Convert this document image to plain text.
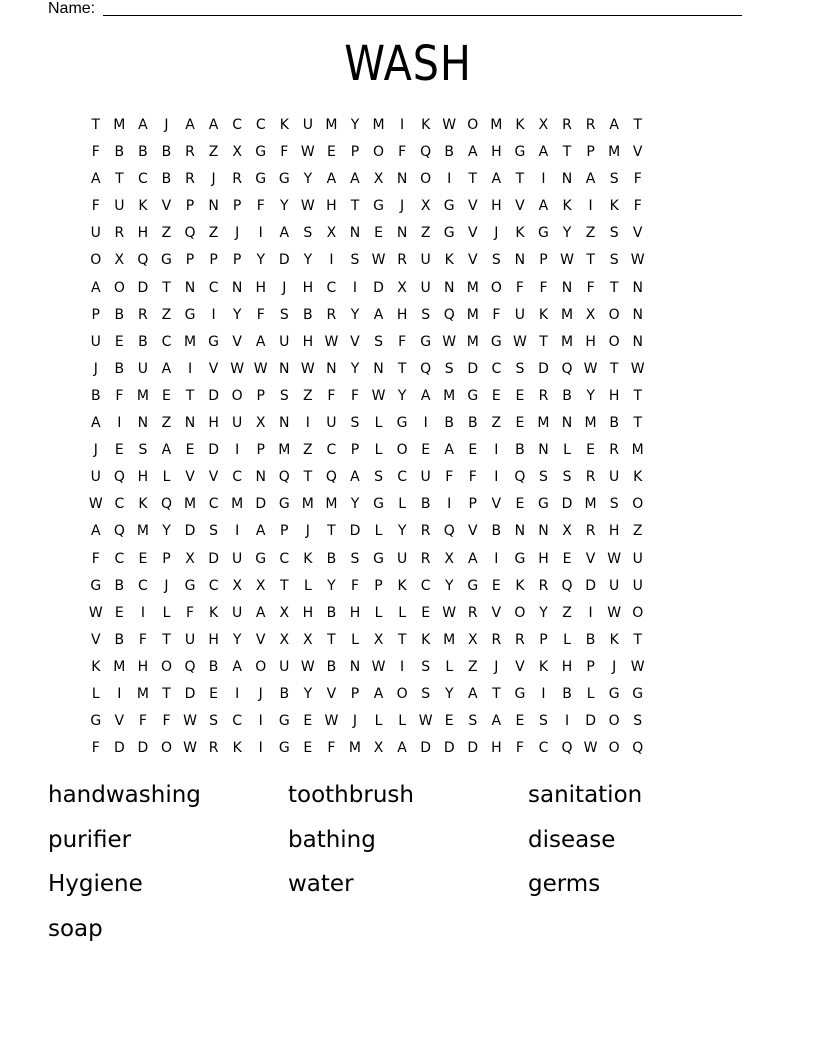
Name:
WASH
T M A	J	A A C C	K U M Y M	I	K W O M K	X R R A	T
F	B B B R Z X G	F W E	P O	F	Q B A H G A	T	P M V
A	T	C B R	J	R G G Y	A A X N O	I	T	A	T	I	N A	S	F
F	U K	V	P	N	P	F	Y W H	T G	J	X G V H V A	K	I	K	F
U R H Z Q Z	J	I	A	S	X N E N Z G V	J	K G Y	Z	S	V
O X Q G P	P	P	Y D Y	I	S W R U K	V	S N	P W T	S W
A O D T	N C N H	J	H C	I	D X U N M O	F	F	N	F	T	N
P	B R Z G	I	Y	F	S	B R	Y	A H S Q M F	U K M X O N
U	E	B C M G V A U H W V	S	F	G W M G W T M H O N
J	B U A	I	V W W N W N	Y	N	T Q S D C	S D Q W T W
B	F M E	T D O P	S	Z	F	F W Y	A M G E	E	R B	Y	H	T
A	I	N Z N H U X N	I	U S	L	G	I	B B Z	E M N M B	T
J	E	S	A	E D	I	P M Z C	P	L	O E	A	E	I	B N	L	E	R M
U Q H	L	V V C N Q T Q A	S	C U	F	F	I	Q S	S	R U K
W C	K Q M C M D G M M Y G	L	B	I	P	V	E G D M S O
A Q M Y D S	I	A	P	J	T D	L	Y	R Q V B N N X R H Z
F	C	E	P	X D U G C	K	B	S G U R X A	I	G H E	V W U
G B C	J	G C X X	T	L	Y	F	P	K	C	Y G E	K	R Q D U U
W E	I	L	F	K U A X H B H	L	L	E W R V O Y	Z	I	W O
V B	F	T	U H	Y	V X X	T	L	X	T	K M X R R	P	L	B	K	T
K M H O Q B A O U W B N W	I	S	L	Z	J	V	K H	P	J	W
L	I	M T D E	I	J	B	Y	V	P	A O S	Y	A	T G	I	B	L	G G
G V	F	F W S	C	I	G E W	J	L	L W E	S	A	E	S	I	D O S
F	D D O W R	K	I	G E	F M X A D D D H	F	C Q W O Q
handwashing	toothbrush	sanitation
purifier	bathing	disease
Hygiene	water	germs
soap
